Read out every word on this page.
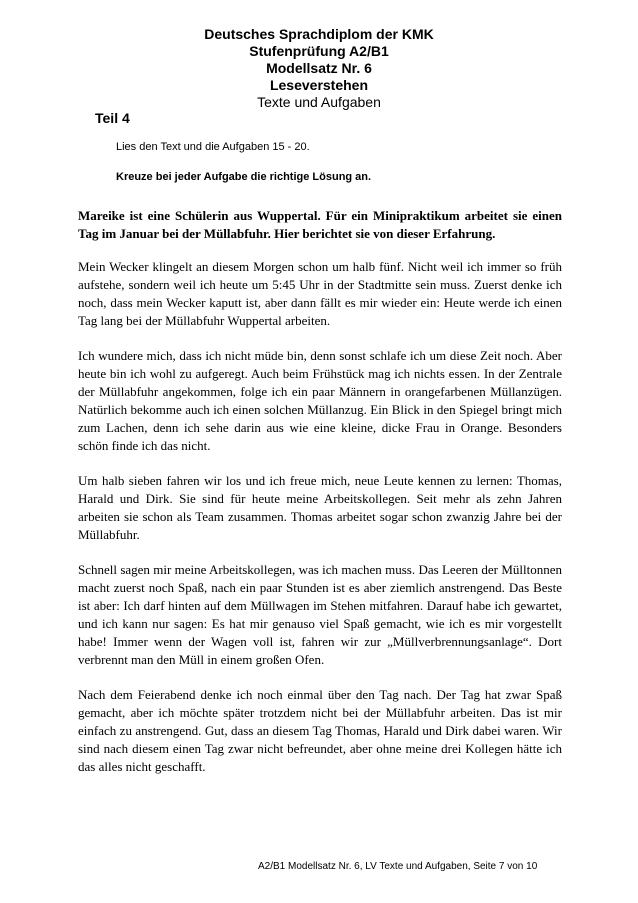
Deutsches Sprachdiplom der KMK
Stufenprüfung A2/B1
Modellsatz Nr. 6
Leseverstehen
Texte und Aufgaben
Teil 4
Lies den Text und die Aufgaben 15 - 20.
Kreuze bei jeder Aufgabe die richtige Lösung an.

Mareike ist eine Schülerin aus Wuppertal. Für ein Minipraktikum arbeitet sie einen Tag im Januar bei der Müllabfuhr. Hier berichtet sie von dieser Erfahrung.

Mein Wecker klingelt an diesem Morgen schon um halb fünf. Nicht weil ich immer so früh aufstehe, sondern weil ich heute um 5:45 Uhr in der Stadtmitte sein muss. Zuerst denke ich noch, dass mein Wecker kaputt ist, aber dann fällt es mir wieder ein: Heute werde ich einen Tag lang bei der Müllabfuhr Wuppertal arbeiten.

Ich wundere mich, dass ich nicht müde bin, denn sonst schlafe ich um diese Zeit noch. Aber heute bin ich wohl zu aufgeregt. Auch beim Frühstück mag ich nichts essen. In der Zentrale der Müllabfuhr angekommen, folge ich ein paar Männern in orangefarbenen Müllanzügen. Natürlich bekomme auch ich einen solchen Müllanzug. Ein Blick in den Spiegel bringt mich zum Lachen, denn ich sehe darin aus wie eine kleine, dicke Frau in Orange. Besonders schön finde ich das nicht.

Um halb sieben fahren wir los und ich freue mich, neue Leute kennen zu lernen: Thomas, Harald und Dirk. Sie sind für heute meine Arbeitskollegen. Seit mehr als zehn Jahren arbeiten sie schon als Team zusammen. Thomas arbeitet sogar schon zwanzig Jahre bei der Müllabfuhr.

Schnell sagen mir meine Arbeitskollegen, was ich machen muss. Das Leeren der Mülltonnen macht zuerst noch Spaß, nach ein paar Stunden ist es aber ziemlich anstrengend. Das Beste ist aber: Ich darf hinten auf dem Müllwagen im Stehen mitfahren. Darauf habe ich gewartet, und ich kann nur sagen: Es hat mir genauso viel Spaß gemacht, wie ich es mir vorgestellt habe! Immer wenn der Wagen voll ist, fahren wir zur „Müllverbrennungsanlage“. Dort verbrennt man den Müll in einem großen Ofen.

Nach dem Feierabend denke ich noch einmal über den Tag nach. Der Tag hat zwar Spaß gemacht, aber ich möchte später trotzdem nicht bei der Müllabfuhr arbeiten. Das ist mir einfach zu anstrengend. Gut, dass an diesem Tag Thomas, Harald und Dirk dabei waren. Wir sind nach diesem einen Tag zwar nicht befreundet, aber ohne meine drei Kollegen hätte ich das alles nicht geschafft.

A2/B1 Modellsatz Nr. 6, LV Texte und Aufgaben, Seite 7 von 10
